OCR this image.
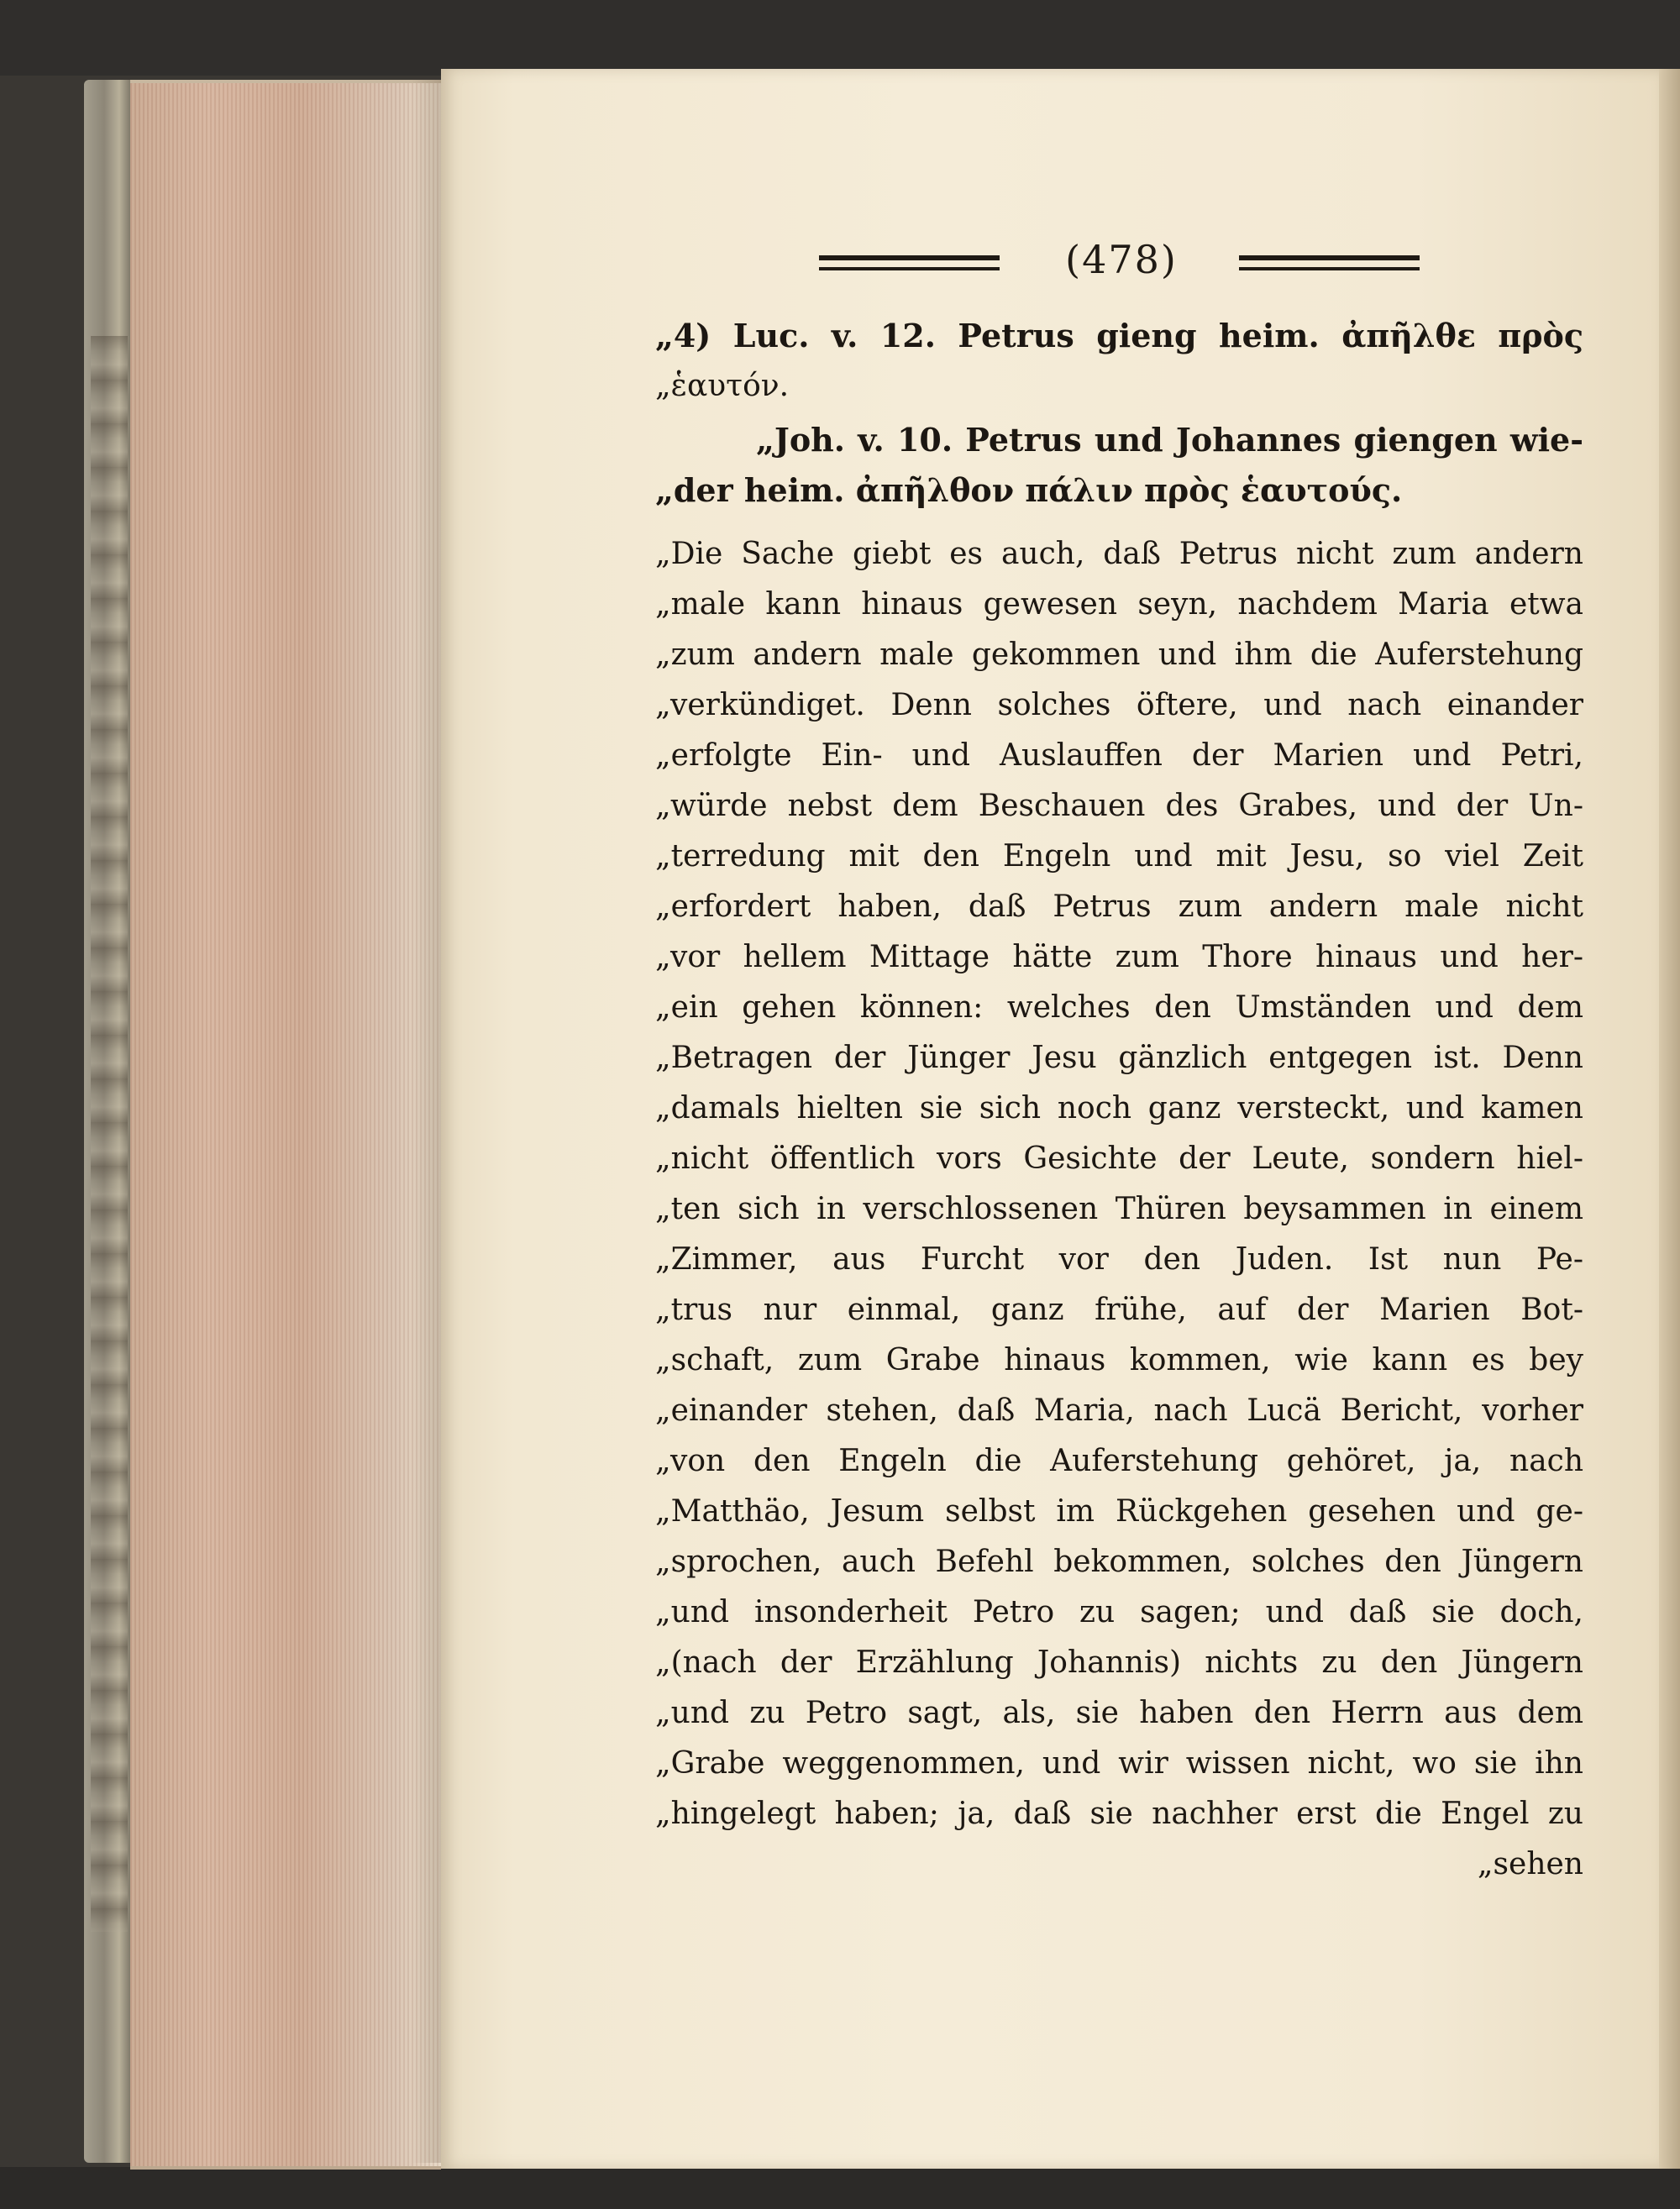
(478)
„4) Luc. v. 12. Petrus gieng heim. ἀπῆλθε πρὸς
„ἑαυτόν.
„Joh. v. 10. Petrus und Johannes giengen wie-
„der heim. ἀπῆλθον πάλιν πρὸς ἑαυτούς.
„Die Sache giebt es auch, daß Petrus nicht zum andern
„male kann hinaus gewesen seyn, nachdem Maria etwa
„zum andern male gekommen und ihm die Auferstehung
„verkündiget. Denn solches öftere, und nach einander
„erfolgte Ein- und Auslauffen der Marien und Petri,
„würde nebst dem Beschauen des Grabes, und der Un-
„terredung mit den Engeln und mit Jesu, so viel Zeit
„erfordert haben, daß Petrus zum andern male nicht
„vor hellem Mittage hätte zum Thore hinaus und her-
„ein gehen können: welches den Umständen und dem
„Betragen der Jünger Jesu gänzlich entgegen ist. Denn
„damals hielten sie sich noch ganz versteckt, und kamen
„nicht öffentlich vors Gesichte der Leute, sondern hiel-
„ten sich in verschlossenen Thüren beysammen in einem
„Zimmer, aus Furcht vor den Juden. Ist nun Pe-
„trus nur einmal, ganz frühe, auf der Marien Bot-
„schaft, zum Grabe hinaus kommen, wie kann es bey
„einander stehen, daß Maria, nach Lucä Bericht, vorher
„von den Engeln die Auferstehung gehöret, ja, nach
„Matthäo, Jesum selbst im Rückgehen gesehen und ge-
„sprochen, auch Befehl bekommen, solches den Jüngern
„und insonderheit Petro zu sagen; und daß sie doch,
„(nach der Erzählung Johannis) nichts zu den Jüngern
„und zu Petro sagt, als, sie haben den Herrn aus dem
„Grabe weggenommen, und wir wissen nicht, wo sie ihn
„hingelegt haben; ja, daß sie nachher erst die Engel zu
„sehen
